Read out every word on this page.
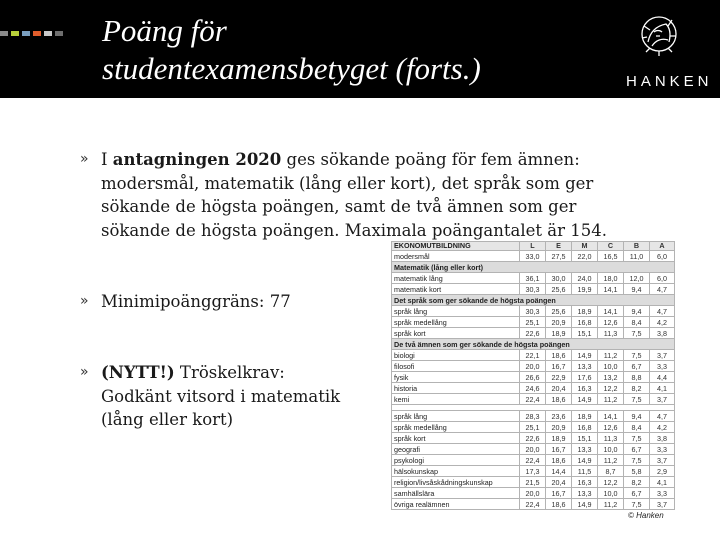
Poäng för
studentexamensbetyget (forts.)	HANKEN
» I antagningen 2020 ges sökande poäng för fem ämnen:
modersmål, matematik (lång eller kort), det språk som ger
sökande de högsta poängen, samt de två ämnen som ger
sökande de högsta poängen. Maximala poängantalet är 154.
» Minimipoänggräns: 77
» (NYTT!) Tröskelkrav:
Godkänt vitsord i matematik
(lång eller kort)
EKONOMUTBILDNING	L	E	M	C	B	A
modersmål	33,0	27,5	22,0	16,5	11,0	6,0
Matematik (lång eller kort)						
matematik lång	36,1	30,0	24,0	18,0	12,0	6,0
matematik kort	30,3	25,6	19,9	14,1	9,4	4,7
Det språk som ger sökande de högsta poängen						
språk lång	30,3	25,6	18,9	14,1	9,4	4,7
språk medellång	25,1	20,9	16,8	12,6	8,4	4,2
språk kort	22,6	18,9	15,1	11,3	7,5	3,8
De två ämnen som ger sökande de högsta poängen						
biologi	22,1	18,6	14,9	11,2	7,5	3,7
filosofi	20,0	16,7	13,3	10,0	6,7	3,3
fysik	26,6	22,9	17,6	13,2	8,8	4,4
historia	24,6	20,4	16,3	12,2	8,2	4,1
kemi	22,4	18,6	14,9	11,2	7,5	3,7

språk lång	28,3	23,6	18,9	14,1	9,4	4,7
språk medellång	25,1	20,9	16,8	12,6	8,4	4,2
språk kort	22,6	18,9	15,1	11,3	7,5	3,8
geografi	20,0	16,7	13,3	10,0	6,7	3,3
psykologi	22,4	18,6	14,9	11,2	7,5	3,7
hälsokunskap	17,3	14,4	11,5	8,7	5,8	2,9
religion/livsåskådningskunskap	21,5	20,4	16,3	12,2	8,2	4,1
samhällslära	20,0	16,7	13,3	10,0	6,7	3,3
övriga realämnen	22,4	18,6	14,9	11,2	7,5	3,7
© Hanken
